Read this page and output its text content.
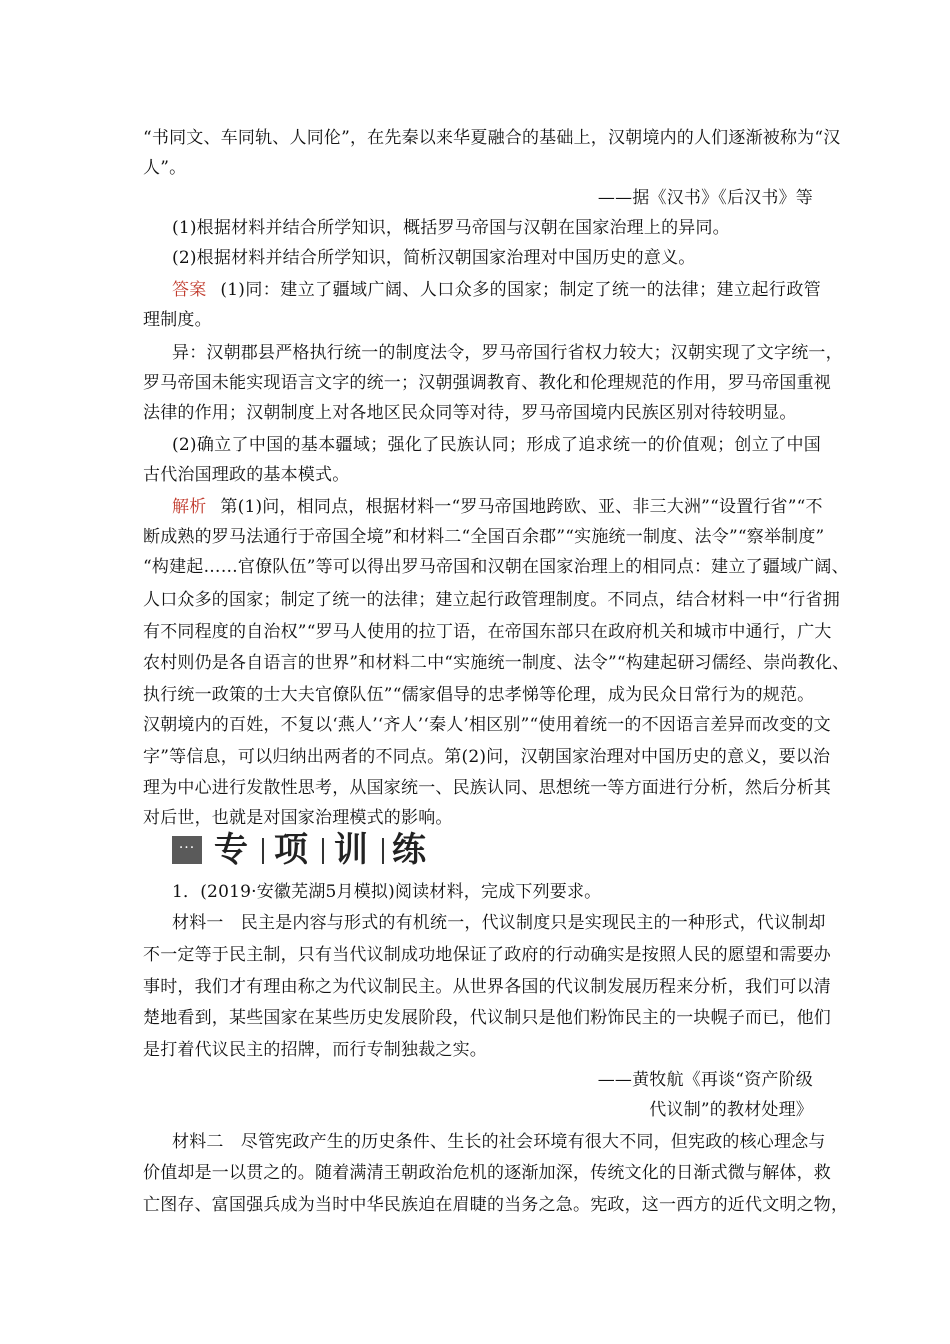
“书同文、车同轨、人同伦”，在先秦以来华夏融合的基础上，汉朝境内的人们逐渐被称为“汉
人”。
——据《汉书》《后汉书》等
(1)根据材料并结合所学知识，概括罗马帝国与汉朝在国家治理上的异同。
(2)根据材料并结合所学知识，简析汉朝国家治理对中国历史的意义。
答案 (1)同：建立了疆域广阔、人口众多的国家；制定了统一的法律；建立起行政管
理制度。
异：汉朝郡县严格执行统一的制度法令，罗马帝国行省权力较大；汉朝实现了文字统一，
罗马帝国未能实现语言文字的统一；汉朝强调教育、教化和伦理规范的作用，罗马帝国重视
法律的作用；汉朝制度上对各地区民众同等对待，罗马帝国境内民族区别对待较明显。
(2)确立了中国的基本疆域；强化了民族认同；形成了追求统一的价值观；创立了中国
古代治国理政的基本模式。
解析 第(1)问，相同点，根据材料一“罗马帝国地跨欧、亚、非三大洲”“设置行省”“不
断成熟的罗马法通行于帝国全境”和材料二“全国百余郡”“实施统一制度、法令”“察举制度”
“构建起……官僚队伍”等可以得出罗马帝国和汉朝在国家治理上的相同点：建立了疆域广阔、
人口众多的国家；制定了统一的法律；建立起行政管理制度。不同点，结合材料一中“行省拥
有不同程度的自治权”“罗马人使用的拉丁语，在帝国东部只在政府机关和城市中通行，广大
农村则仍是各自语言的世界”和材料二中“实施统一制度、法令”“构建起研习儒经、崇尚教化、
执行统一政策的士大夫官僚队伍”“儒家倡导的忠孝悌等伦理，成为民众日常行为的规范。
汉朝境内的百姓，不复以‘燕人’‘齐人’‘秦人’相区别”“使用着统一的不因语言差异而改变的文
字”等信息，可以归纳出两者的不同点。第(2)问，汉朝国家治理对中国历史的意义，要以治
理为中心进行发散性思考，从国家统一、民族认同、思想统一等方面进行分析，然后分析其
对后世，也就是对国家治理模式的影响。
··· 专 项 训 练
1．(2019·安徽芜湖5月模拟)阅读材料，完成下列要求。
材料一　民主是内容与形式的有机统一，代议制度只是实现民主的一种形式，代议制却
不一定等于民主制，只有当代议制成功地保证了政府的行动确实是按照人民的愿望和需要办
事时，我们才有理由称之为代议制民主。从世界各国的代议制发展历程来分析，我们可以清
楚地看到，某些国家在某些历史发展阶段，代议制只是他们粉饰民主的一块幌子而已，他们
是打着代议民主的招牌，而行专制独裁之实。
——黄牧航《再谈“资产阶级
代议制”的教材处理》
材料二　尽管宪政产生的历史条件、生长的社会环境有很大不同，但宪政的核心理念与
价值却是一以贯之的。随着满清王朝政治危机的逐渐加深，传统文化的日渐式微与解体，救
亡图存、富国强兵成为当时中华民族迫在眉睫的当务之急。宪政，这一西方的近代文明之物，
